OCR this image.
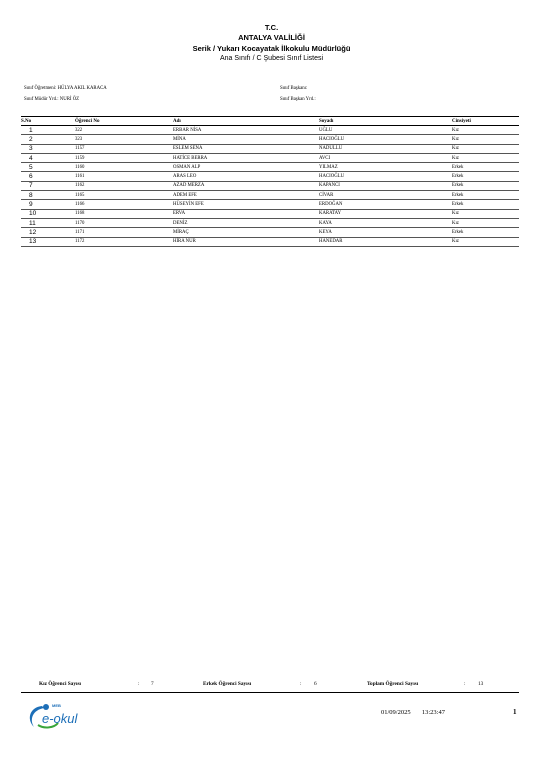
T.C.
ANTALYA VALİLİĞİ
Serik / Yukarı Kocayatak İlkokulu Müdürlüğü
Ana Sınıfı / C Şubesi Sınıf Listesi
Sınıf Öğretmeni: HÜLYA AKIL KARACA
Sınıf Müdür Yrd.: NURİ ÖZ
Sınıf Başkanı:
Sınıf Başkan Yrd.:
S.No	Öğrenci No	Adı	Soyadı	Cinsiyeti
1	322	ERBAR NİSA	UĞLU	Kız
2	323	MİNA	HACIOĞLU	Kız
3	1157	ESLEM SENA	NADULLU	Kız
4	1159	HATİCE BERRA	AVCI	Kız
5	1160	OSMAN ALP	YILMAZ	Erkek
6	1161	ARAS LEO	HACIOĞLU	Erkek
7	1162	AZAD MERZA	KAPANCI	Erkek
8	1165	ADEM EFE	CİVAR	Erkek
9	1166	HÜSEYİN EFE	ERDOĞAN	Erkek
10	1168	ERVA	KARATAY	Kız
11	1170	DENİZ	KAYA	Kız
12	1171	MİRAÇ	KEYA	Erkek
13	1172	HİRA NUR	HANEDAR	Kız
Kız Öğrenci Sayısı	: 7	Erkek Öğrenci Sayısı	: 6	Toplam Öğrenci Sayısı	: 13
MEB
e-okul	01/09/2025 13:23:47	1
